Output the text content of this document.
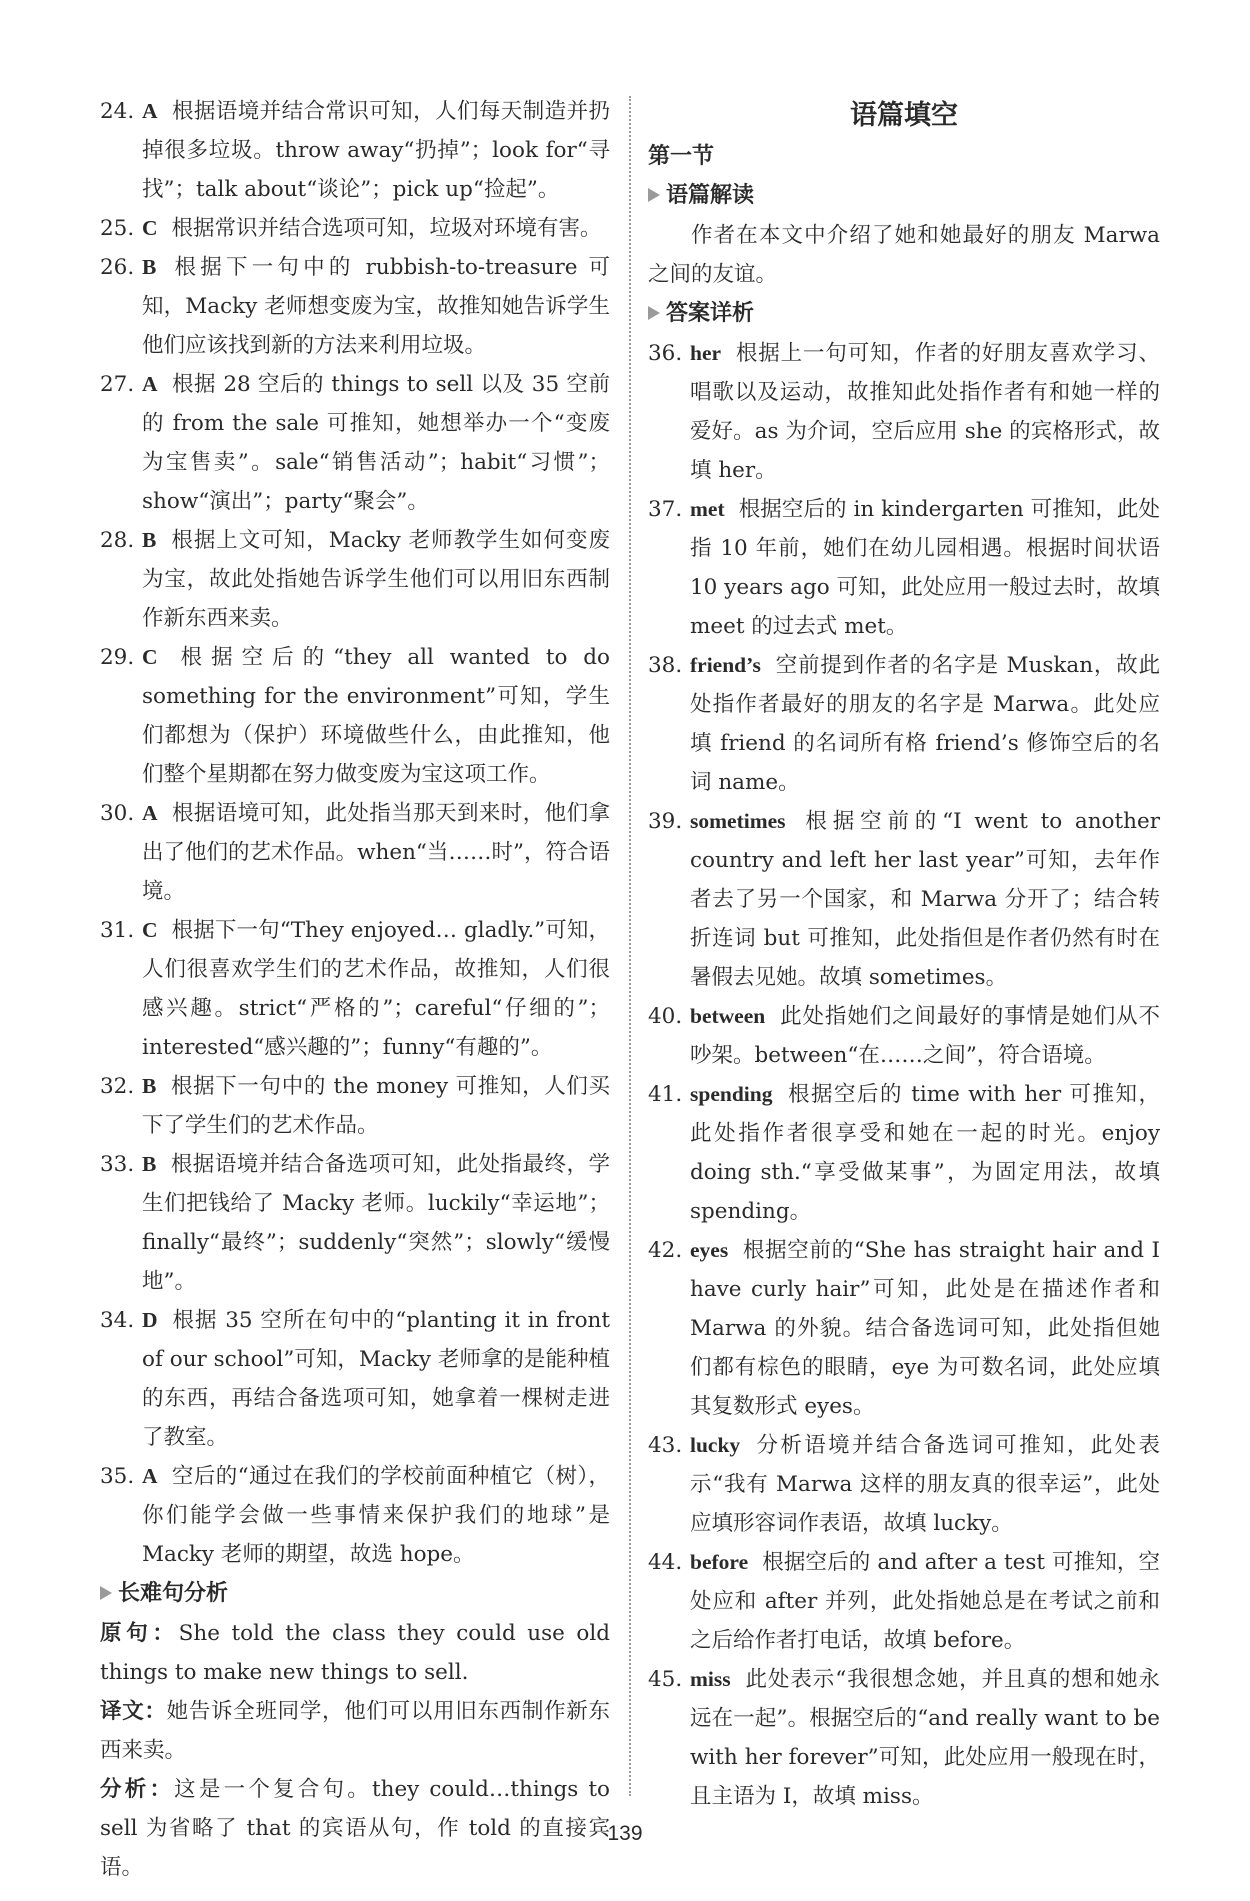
24. A 根据语境并结合常识可知，人们每天制造并扔掉很多垃圾。throw away“扔掉”；look for“寻找”；talk about“谈论”；pick up“捡起”。
25. C 根据常识并结合选项可知，垃圾对环境有害。
26. B 根据下一句中的 rubbish-to-treasure 可知，Macky 老师想变废为宝，故推知她告诉学生他们应该找到新的方法来利用垃圾。
27. A 根据 28 空后的 things to sell 以及 35 空前的 from the sale 可推知，她想举办一个“变废为宝售卖”。sale“销售活动”；habit“习惯”；show“演出”；party“聚会”。
28. B 根据上文可知，Macky 老师教学生如何变废为宝，故此处指她告诉学生他们可以用旧东西制作新东西来卖。
29. C 根据空后的“they all wanted to do something for the environment”可知，学生们都想为（保护）环境做些什么，由此推知，他们整个星期都在努力做变废为宝这项工作。
30. A 根据语境可知，此处指当那天到来时，他们拿出了他们的艺术作品。when“当……时”，符合语境。
31. C 根据下一句“They enjoyed… gladly.”可知，人们很喜欢学生们的艺术作品，故推知，人们很感兴趣。strict“严格的”；careful“仔细的”；interested“感兴趣的”；funny“有趣的”。
32. B 根据下一句中的 the money 可推知，人们买下了学生们的艺术作品。
33. B 根据语境并结合备选项可知，此处指最终，学生们把钱给了 Macky 老师。luckily“幸运地”；finally“最终”；suddenly“突然”；slowly“缓慢地”。
34. D 根据 35 空所在句中的“planting it in front of our school”可知，Macky 老师拿的是能种植的东西，再结合备选项可知，她拿着一棵树走进了教室。
35. A 空后的“通过在我们的学校前面种植它（树），你们能学会做一些事情来保护我们的地球”是 Macky 老师的期望，故选 hope。
长难句分析

原句：She told the class they could use old things to make new things to sell.

译文：她告诉全班同学，他们可以用旧东西制作新东西来卖。

分析：这是一个复合句。they could…things to sell 为省略了 that 的宾语从句，作 told 的直接宾语。

语篇填空
第一节
语篇解读

作者在本文中介绍了她和她最好的朋友 Marwa 之间的友谊。

答案详析
36. her 根据上一句可知，作者的好朋友喜欢学习、唱歌以及运动，故推知此处指作者有和她一样的爱好。as 为介词，空后应用 she 的宾格形式，故填 her。
37. met 根据空后的 in kindergarten 可推知，此处指 10 年前，她们在幼儿园相遇。根据时间状语 10 years ago 可知，此处应用一般过去时，故填 meet 的过去式 met。
38. friend’s 空前提到作者的名字是 Muskan，故此处指作者最好的朋友的名字是 Marwa。此处应填 friend 的名词所有格 friend’s 修饰空后的名词 name。
39. sometimes 根据空前的“I went to another country and left her last year”可知，去年作者去了另一个国家，和 Marwa 分开了；结合转折连词 but 可推知，此处指但是作者仍然有时在暑假去见她。故填 sometimes。
40. between 此处指她们之间最好的事情是她们从不吵架。between“在……之间”，符合语境。
41. spending 根据空后的 time with her 可推知，此处指作者很享受和她在一起的时光。enjoy doing sth.“享受做某事”，为固定用法，故填 spending。
42. eyes 根据空前的“She has straight hair and I have curly hair”可知，此处是在描述作者和 Marwa 的外貌。结合备选词可知，此处指但她们都有棕色的眼睛，eye 为可数名词，此处应填其复数形式 eyes。
43. lucky 分析语境并结合备选词可推知，此处表示“我有 Marwa 这样的朋友真的很幸运”，此处应填形容词作表语，故填 lucky。
44. before 根据空后的 and after a test 可推知，空处应和 after 并列，此处指她总是在考试之前和之后给作者打电话，故填 before。
45. miss 此处表示“我很想念她，并且真的想和她永远在一起”。根据空后的“and really want to be with her forever”可知，此处应用一般现在时，且主语为 I，故填 miss。
139
